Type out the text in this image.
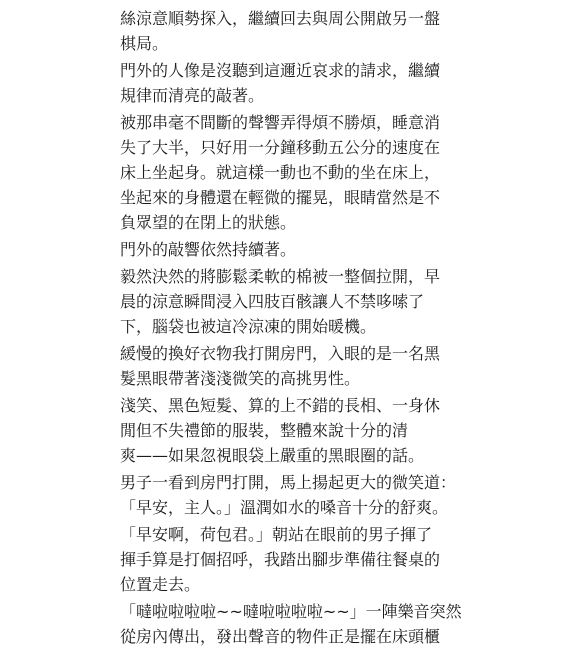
絲涼意順勢探入，繼續回去與周公開啟另一盤
棋局。
門外的人像是沒聽到這邇近哀求的請求，繼續
規律而清亮的敲著。
被那串毫不間斷的聲響弄得煩不勝煩，睡意消
失了大半，只好用一分鐘移動五公分的速度在
床上坐起身。就這樣一動也不動的坐在床上，
坐起來的身體還在輕微的擺晃，眼睛當然是不
負眾望的在閉上的狀態。
門外的敲響依然持續著。
毅然決然的將膨鬆柔軟的棉被一整個拉開，早
晨的涼意瞬間浸入四肢百骸讓人不禁哆嗦了
下，腦袋也被這冷涼凍的開始暖機。
緩慢的換好衣物我打開房門，入眼的是一名黑
髮黑眼帶著淺淺微笑的高挑男性。
淺笑、黑色短髮、算的上不錯的長相、一身休
閒但不失禮節的服裝，整體來說十分的清
爽——如果忽視眼袋上嚴重的黑眼圈的話。
男子一看到房門打開，馬上揚起更大的微笑道：
「早安，主人。」溫潤如水的嗓音十分的舒爽。
「早安啊，荷包君。」朝站在眼前的男子揮了
揮手算是打個招呼，我踏出腳步準備往餐桌的
位置走去。
「噠啦啦啦啦~~噠啦啦啦啦~~」一陣樂音突然
從房內傳出，發出聲音的物件正是擺在床頭櫃
